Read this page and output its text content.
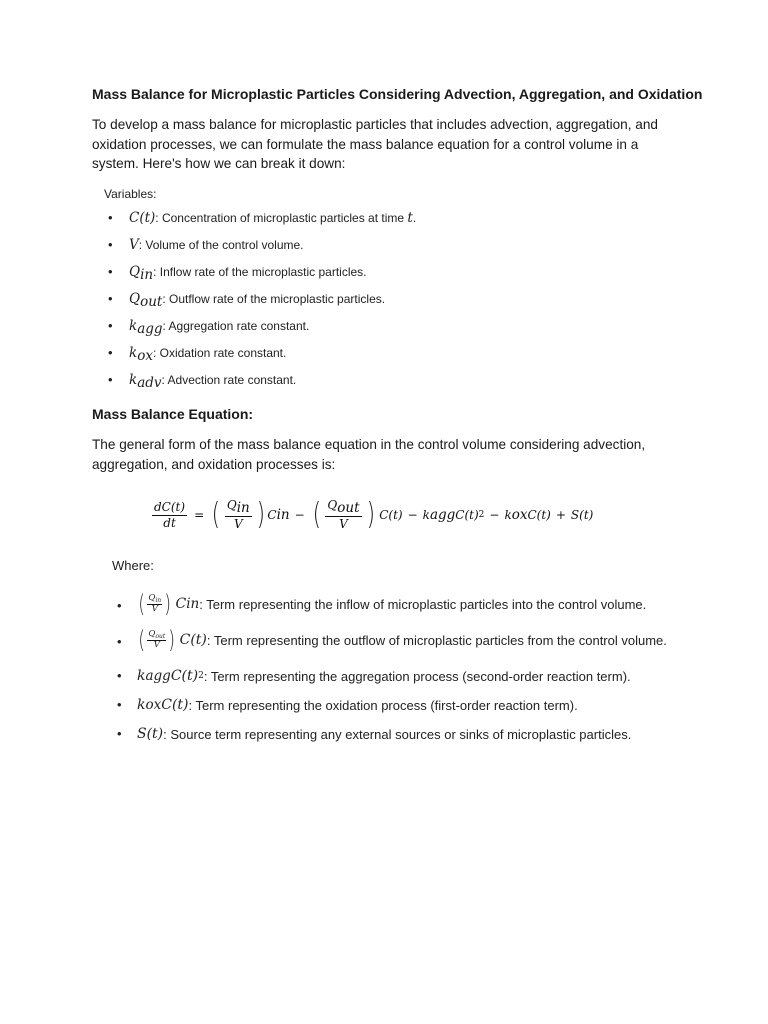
Mass Balance for Microplastic Particles Considering Advection, Aggregation, and Oxidation

To develop a mass balance for microplastic particles that includes advection, aggregation, and oxidation processes, we can formulate the mass balance equation for a control volume in a system. Here's how we can break it down:

Variables:

• C(t): Concentration of microplastic particles at time t.
• V: Volume of the control volume.
• $Q_{in}$: Inflow rate of the microplastic particles.
• $Q_{out}$: Outflow rate of the microplastic particles.
• $k_{agg}$: Aggregation rate constant.
• $k_{ox}$: Oxidation rate constant.
• $k_{adv}$: Advection rate constant.
Mass Balance Equation:

The general form of the mass balance equation in the control volume considering advection, aggregation, and oxidation processes is:

$\frac{dC(t)}{dt}$ = ( $\frac{Q_{in}}{V}$ ) C in − ( $\frac{Q_{out}}{V}$ ) C(t) − k agg C(t) 2 − k ox C(t) + S(t)

Where:

• ( $\frac{Q_{in}}{V}$ ) C in : Term representing the inflow of microplastic particles into the control volume.
• ( $\frac{Q_{out}}{V}$ ) C(t) : Term representing the outflow of microplastic particles from the control volume.
• k agg C(t) 2 : Term representing the aggregation process (second-order reaction term).
• k ox C(t) : Term representing the oxidation process (first-order reaction term).
• S(t) : Source term representing any external sources or sinks of microplastic particles.
